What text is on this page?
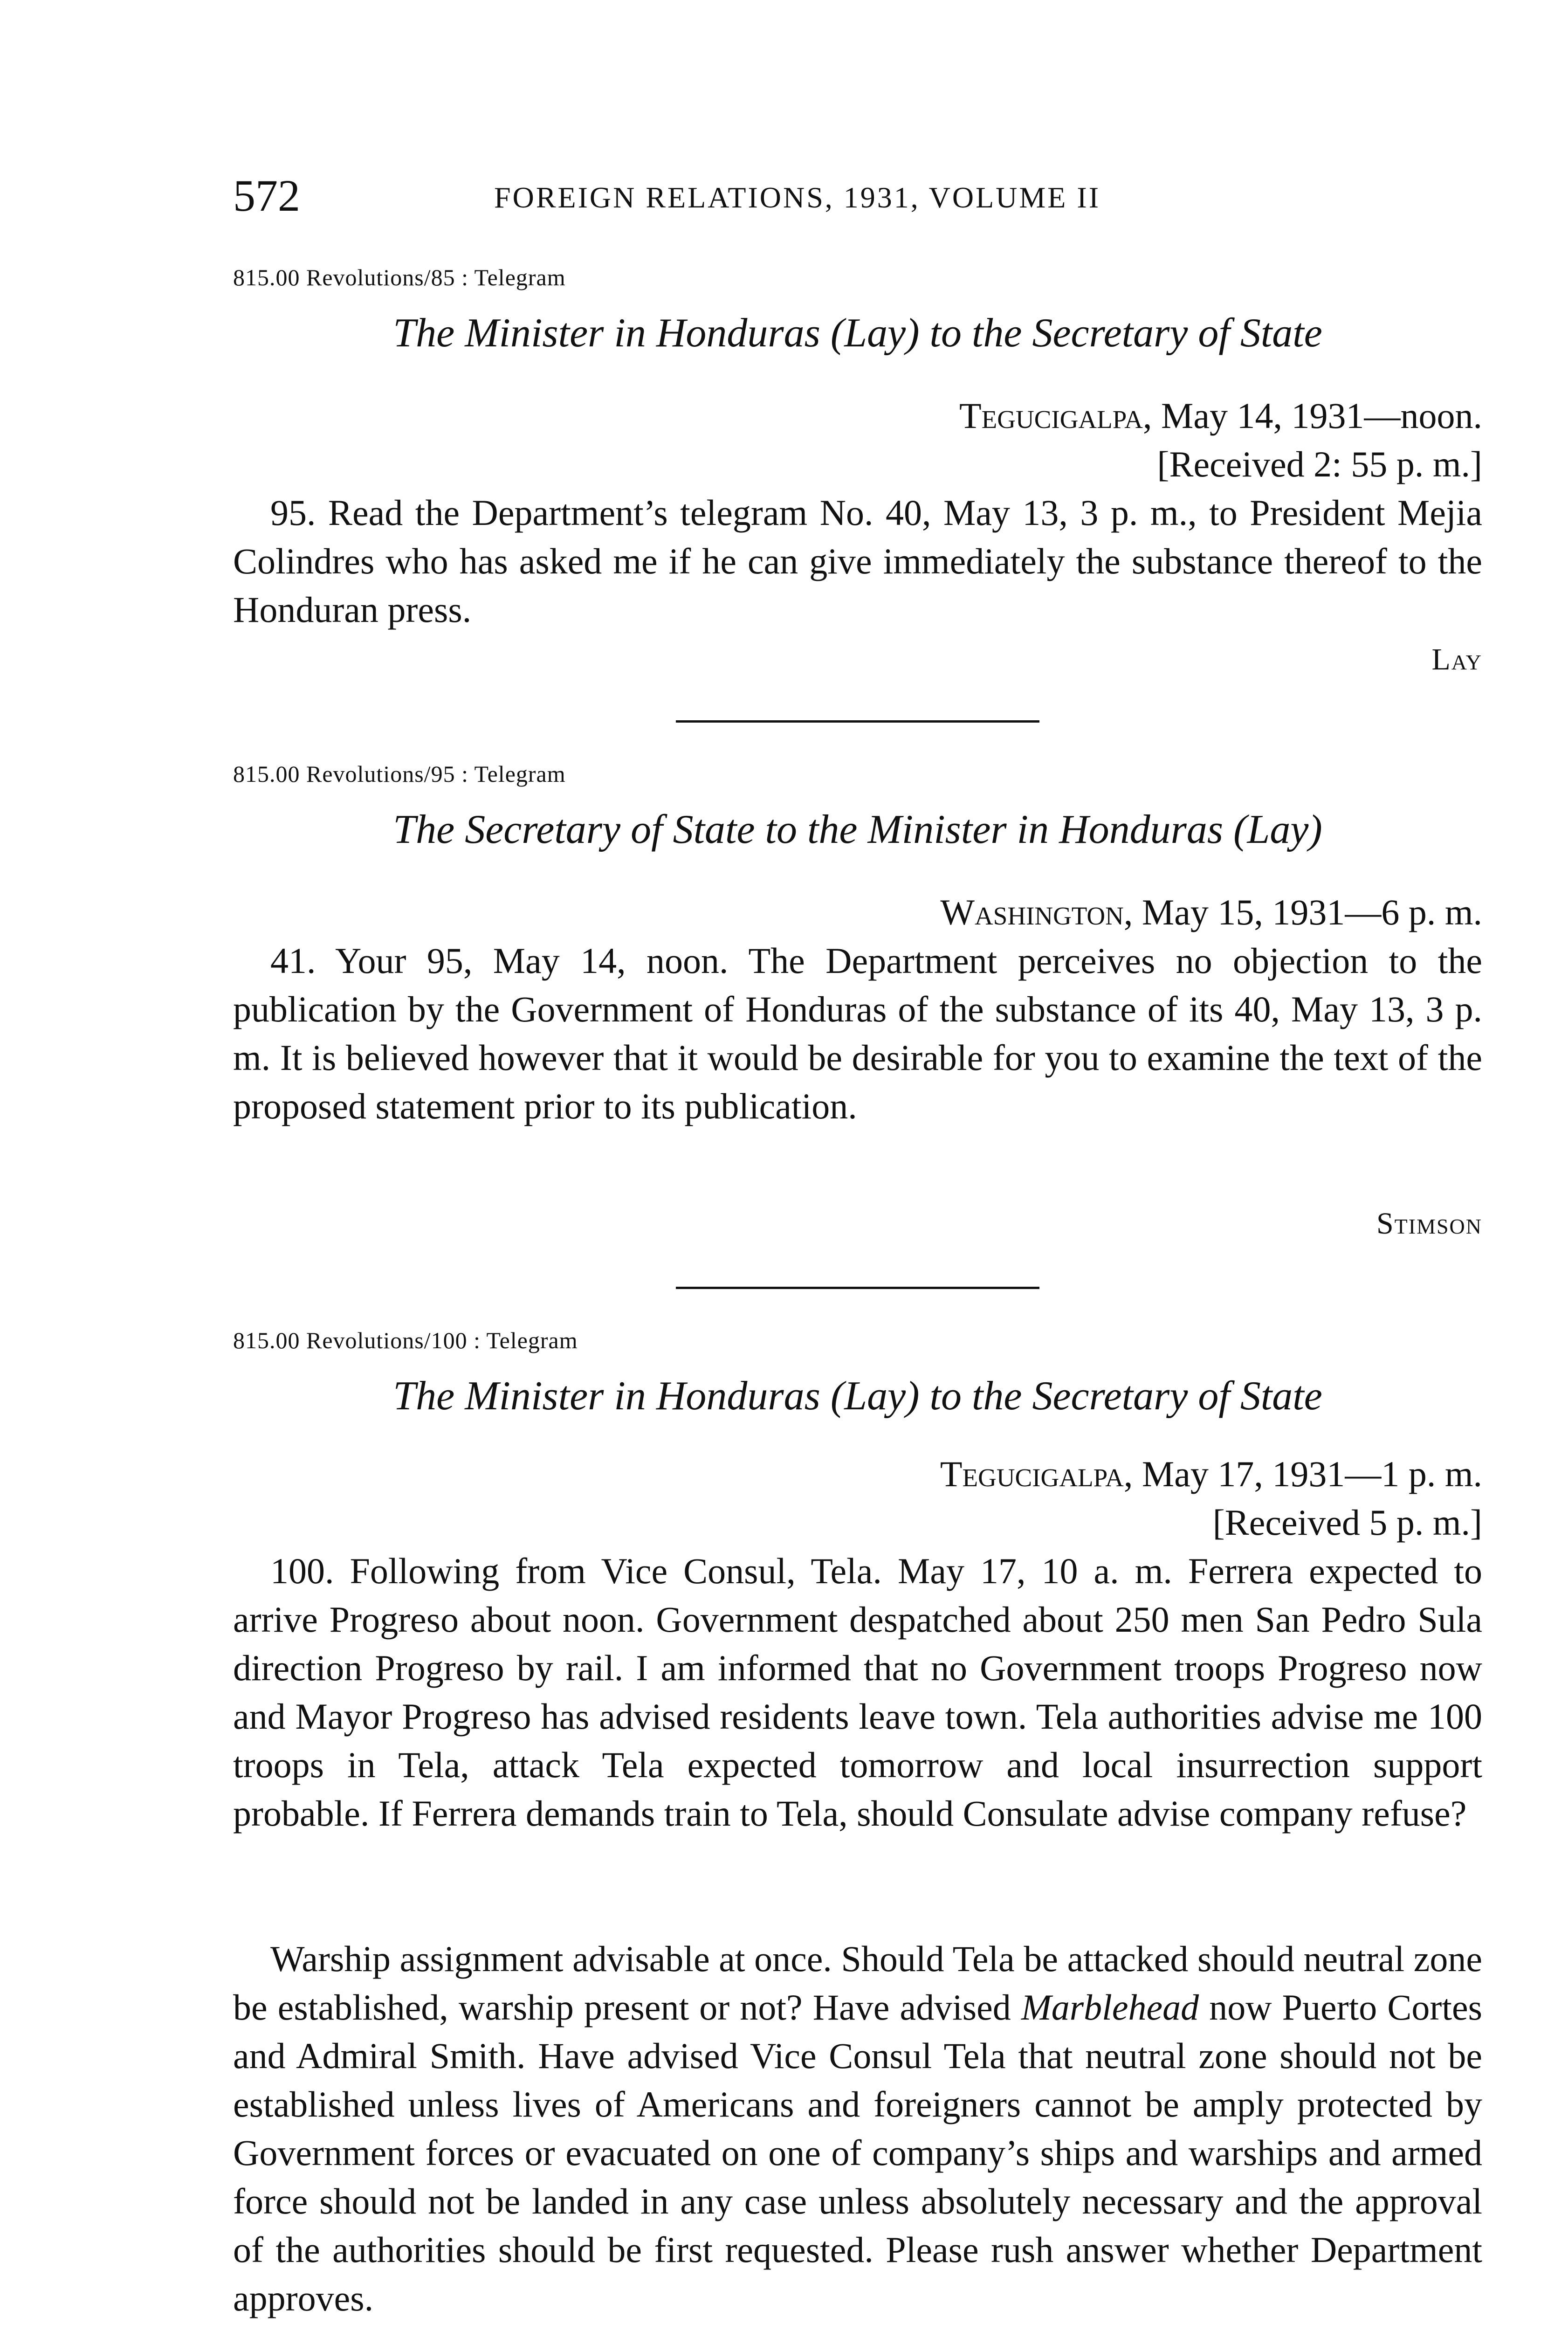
572	FOREIGN RELATIONS, 1931, VOLUME II
815.00 Revolutions/85 : Telegram
The Minister in Honduras (Lay) to the Secretary of State
Tegucigalpa, May 14, 1931—noon.
[Received 2: 55 p. m.]
95. Read the Department’s telegram No. 40, May 13, 3 p. m., to President Mejia Colindres who has asked me if he can give immediately the substance thereof to the Honduran press.
Lay
815.00 Revolutions/95 : Telegram
The Secretary of State to the Minister in Honduras (Lay)
Washington, May 15, 1931—6 p. m.
41. Your 95, May 14, noon. The Department perceives no objection to the publication by the Government of Honduras of the substance of its 40, May 13, 3 p. m. It is believed however that it would be desirable for you to examine the text of the proposed statement prior to its publication.
Stimson
815.00 Revolutions/100 : Telegram
The Minister in Honduras (Lay) to the Secretary of State
Tegucigalpa, May 17, 1931—1 p. m.
[Received 5 p. m.]
100. Following from Vice Consul, Tela. May 17, 10 a. m. Ferrera expected to arrive Progreso about noon. Government despatched about 250 men San Pedro Sula direction Progreso by rail. I am informed that no Government troops Progreso now and Mayor Progreso has advised residents leave town. Tela authorities advise me 100 troops in Tela, attack Tela expected tomorrow and local insurrection support probable. If Ferrera demands train to Tela, should Consulate advise company refuse?
Warship assignment advisable at once. Should Tela be attacked should neutral zone be established, warship present or not? Have advised Marblehead now Puerto Cortes and Admiral Smith. Have advised Vice Consul Tela that neutral zone should not be established unless lives of Americans and foreigners cannot be amply protected by Government forces or evacuated on one of company’s ships and warships and armed force should not be landed in any case unless absolutely necessary and the approval of the authorities should be first requested. Please rush answer whether Department approves.
